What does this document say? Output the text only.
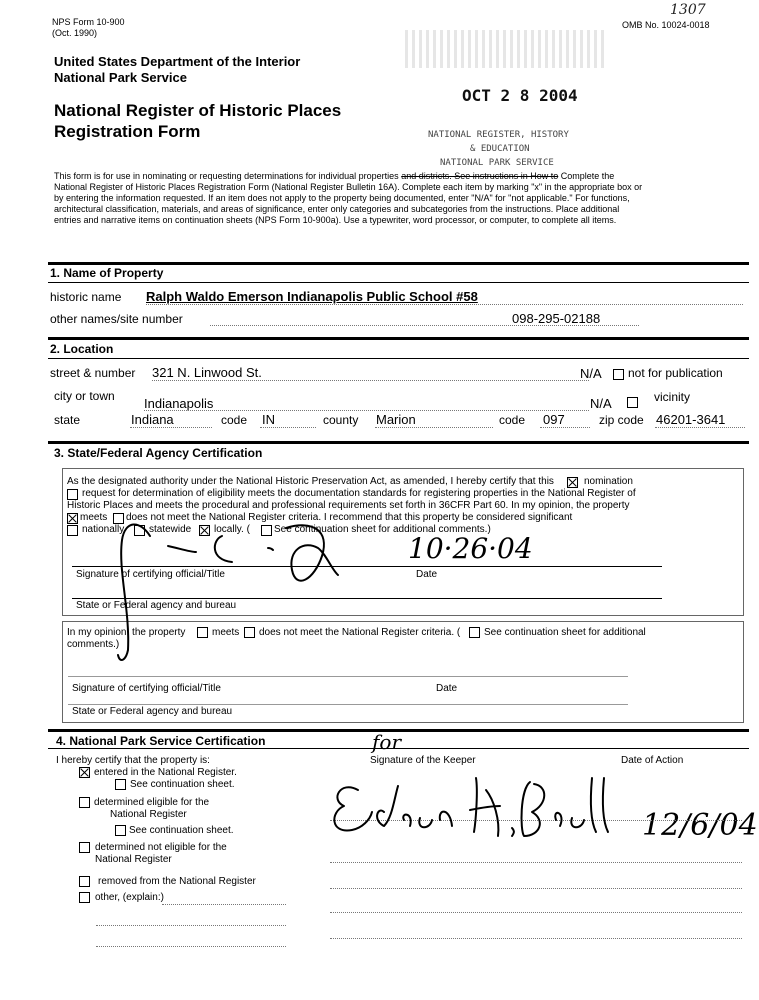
NPS Form 10-900
(Oct. 1990)
OMB No. 10024-0018
1307
United States Department of the Interior
National Park Service
National Register of Historic Places
Registration Form
OCT 2 8 2004
NATIONAL REGISTER, HISTORY
& EDUCATION
NATIONAL PARK SERVICE
This form is for use in nominating or requesting determinations for individual properties and districts. See instructions in How to Complete the
National Register of Historic Places Registration Form (National Register Bulletin 16A). Complete each item by marking "x" in the appropriate box or
by entering the information requested. If an item does not apply to the property being documented, enter "N/A" for "not applicable." For functions,
architectural classification, materials, and areas of significance, enter only categories and subcategories from the instructions. Place additional
entries and narrative items on continuation sheets (NPS Form 10-900a). Use a typewriter, word processor, or computer, to complete all items.
1. Name of Property
historic name Ralph Waldo Emerson Indianapolis Public School #58
other names/site number	098-295-02188
2. Location
street & number 321 N. Linwood St.	N/A not for publication
city or town Indianapolis	N/A	vicinity
state	Indiana	code IN	county Marion	code 097	zip code 46201-3641
3. State/Federal Agency Certification
As the designated authority under the National Historic Preservation Act, as amended, I hereby certify that this	nomination
request for determination of eligibility meets the documentation standards for registering properties in the National Register of
Historic Places and meets the procedural and professional requirements set forth in 36CFR Part 60. In my opinion, the property
meets does not meet the National Register criteria. I recommend that this property be considered significant
nationally statewide locally. ( See continuation sheet for additional comments.)
Signature of certifying official/Title	Date
10·26·04
State or Federal agency and bureau
In my opinion, the property	meets does not meet the National Register criteria. ( See continuation sheet for additional
comments.)
Signature of certifying official/Title	Date
State or Federal agency and bureau
4. National Park Service Certification
I hereby certify that the property is:
for
Signature of the Keeper	Date of Action
entered in the National Register.
See continuation sheet.
determined eligible for the
National Register
See continuation sheet.
determined not eligible for the
National Register
removed from the National Register
other, (explain:)
12/6/04
